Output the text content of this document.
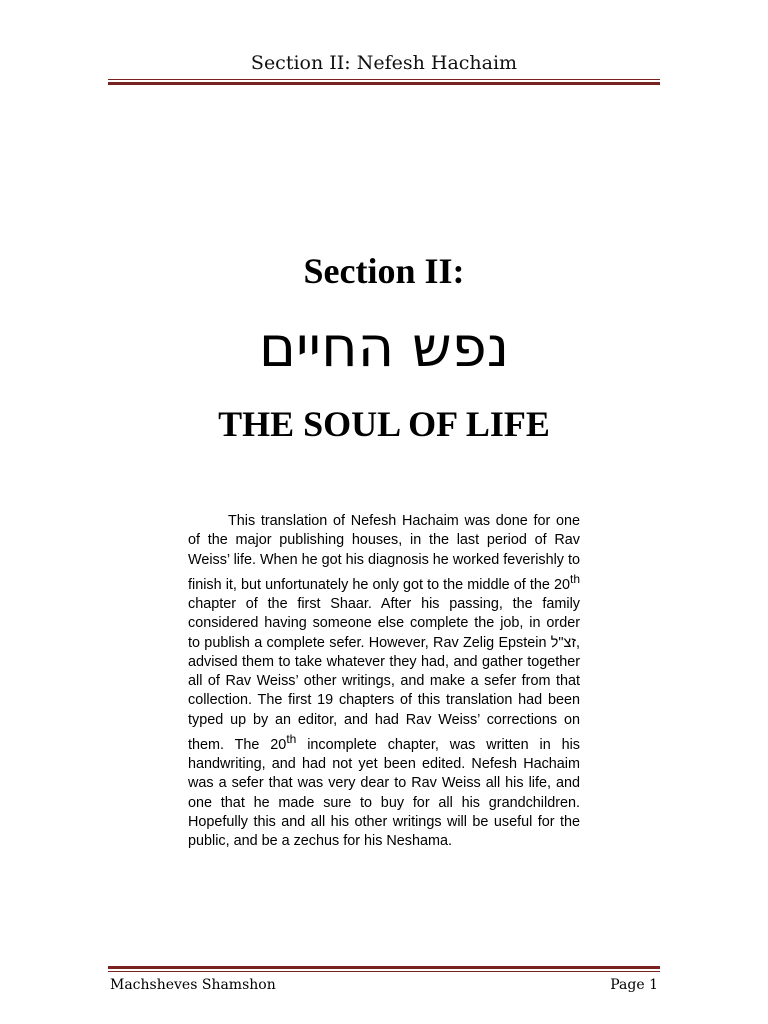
Section II: Nefesh Hachaim
Section II:
נפש החיים
THE SOUL OF LIFE

This translation of Nefesh Hachaim was done for one of the major publishing houses, in the last period of Rav Weiss’ life. When he got his diagnosis he worked feverishly to finish it, but unfortunately he only got to the middle of the 20th chapter of the first Shaar. After his passing, the family considered having someone else complete the job, in order to publish a complete sefer. However, Rav Zelig Epstein זצ"ל, advised them to take whatever they had, and gather together all of Rav Weiss’ other writings, and make a sefer from that collection. The first 19 chapters of this translation had been typed up by an editor, and had Rav Weiss’ corrections on them. The 20th incomplete chapter, was written in his handwriting, and had not yet been edited. Nefesh Hachaim was a sefer that was very dear to Rav Weiss all his life, and one that he made sure to buy for all his grandchildren. Hopefully this and all his other writings will be useful for the public, and be a zechus for his Neshama.

Machsheves Shamshon	Page 1
